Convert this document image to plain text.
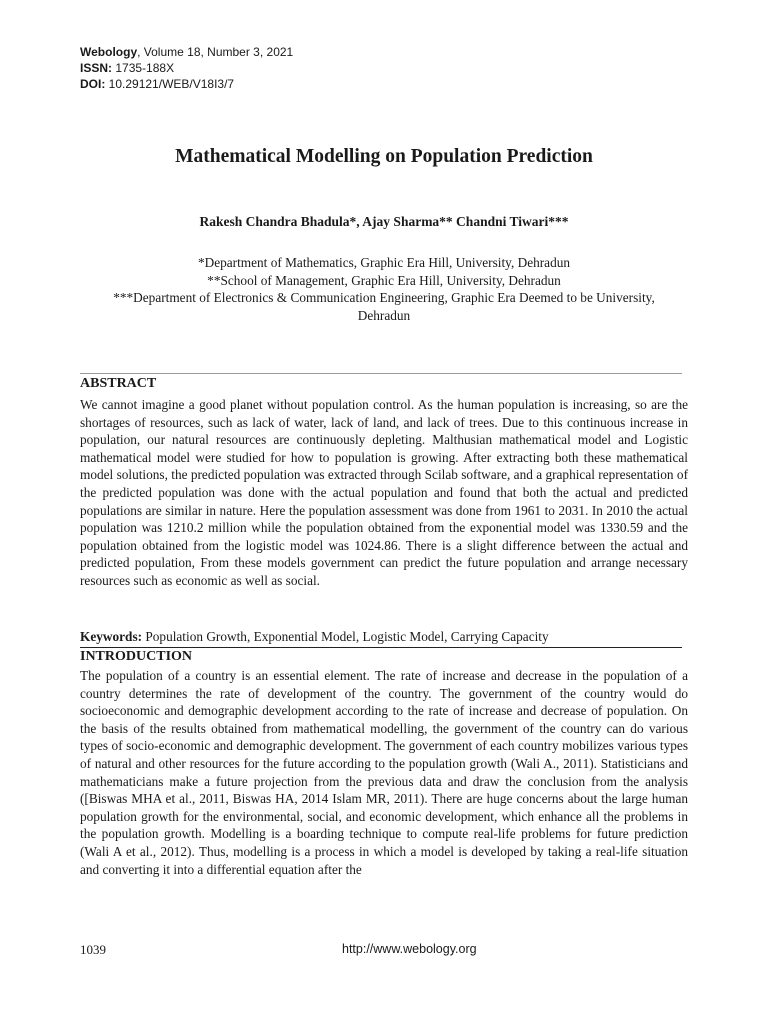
Webology, Volume 18, Number 3, 2021
ISSN: 1735-188X
DOI: 10.29121/WEB/V18I3/7
Mathematical Modelling on Population Prediction
Rakesh Chandra Bhadula*, Ajay Sharma** Chandni Tiwari***
*Department of Mathematics, Graphic Era Hill, University, Dehradun
**School of Management, Graphic Era Hill, University, Dehradun
***Department of Electronics & Communication Engineering, Graphic Era Deemed to be University, Dehradun
ABSTRACT

We cannot imagine a good planet without population control. As the human population is increasing, so are the shortages of resources, such as lack of water, lack of land, and lack of trees. Due to this continuous increase in population, our natural resources are continuously depleting. Malthusian mathematical model and Logistic mathematical model were studied for how to population is growing. After extracting both these mathematical model solutions, the predicted population was extracted through Scilab software, and a graphical representation of the predicted population was done with the actual population and found that both the actual and predicted populations are similar in nature. Here the population assessment was done from 1961 to 2031. In 2010 the actual population was 1210.2 million while the population obtained from the exponential model was 1330.59 and the population obtained from the logistic model was 1024.86. There is a slight difference between the actual and predicted population, From these models government can predict the future population and arrange necessary resources such as economic as well as social.

Keywords: Population Growth, Exponential Model, Logistic Model, Carrying Capacity
INTRODUCTION

The population of a country is an essential element. The rate of increase and decrease in the population of a country determines the rate of development of the country. The government of the country would do socioeconomic and demographic development according to the rate of increase and decrease of population. On the basis of the results obtained from mathematical modelling, the government of the country can do various types of socio-economic and demographic development. The government of each country mobilizes various types of natural and other resources for the future according to the population growth (Wali A., 2011). Statisticians and mathematicians make a future projection from the previous data and draw the conclusion from the analysis ([Biswas MHA et al., 2011, Biswas HA, 2014 Islam MR, 2011). There are huge concerns about the large human population growth for the environmental, social, and economic development, which enhance all the problems in the population growth. Modelling is a boarding technique to compute real-life problems for future prediction (Wali A et al., 2012). Thus, modelling is a process in which a model is developed by taking a real-life situation and converting it into a differential equation after the

1039	http://www.webology.org
